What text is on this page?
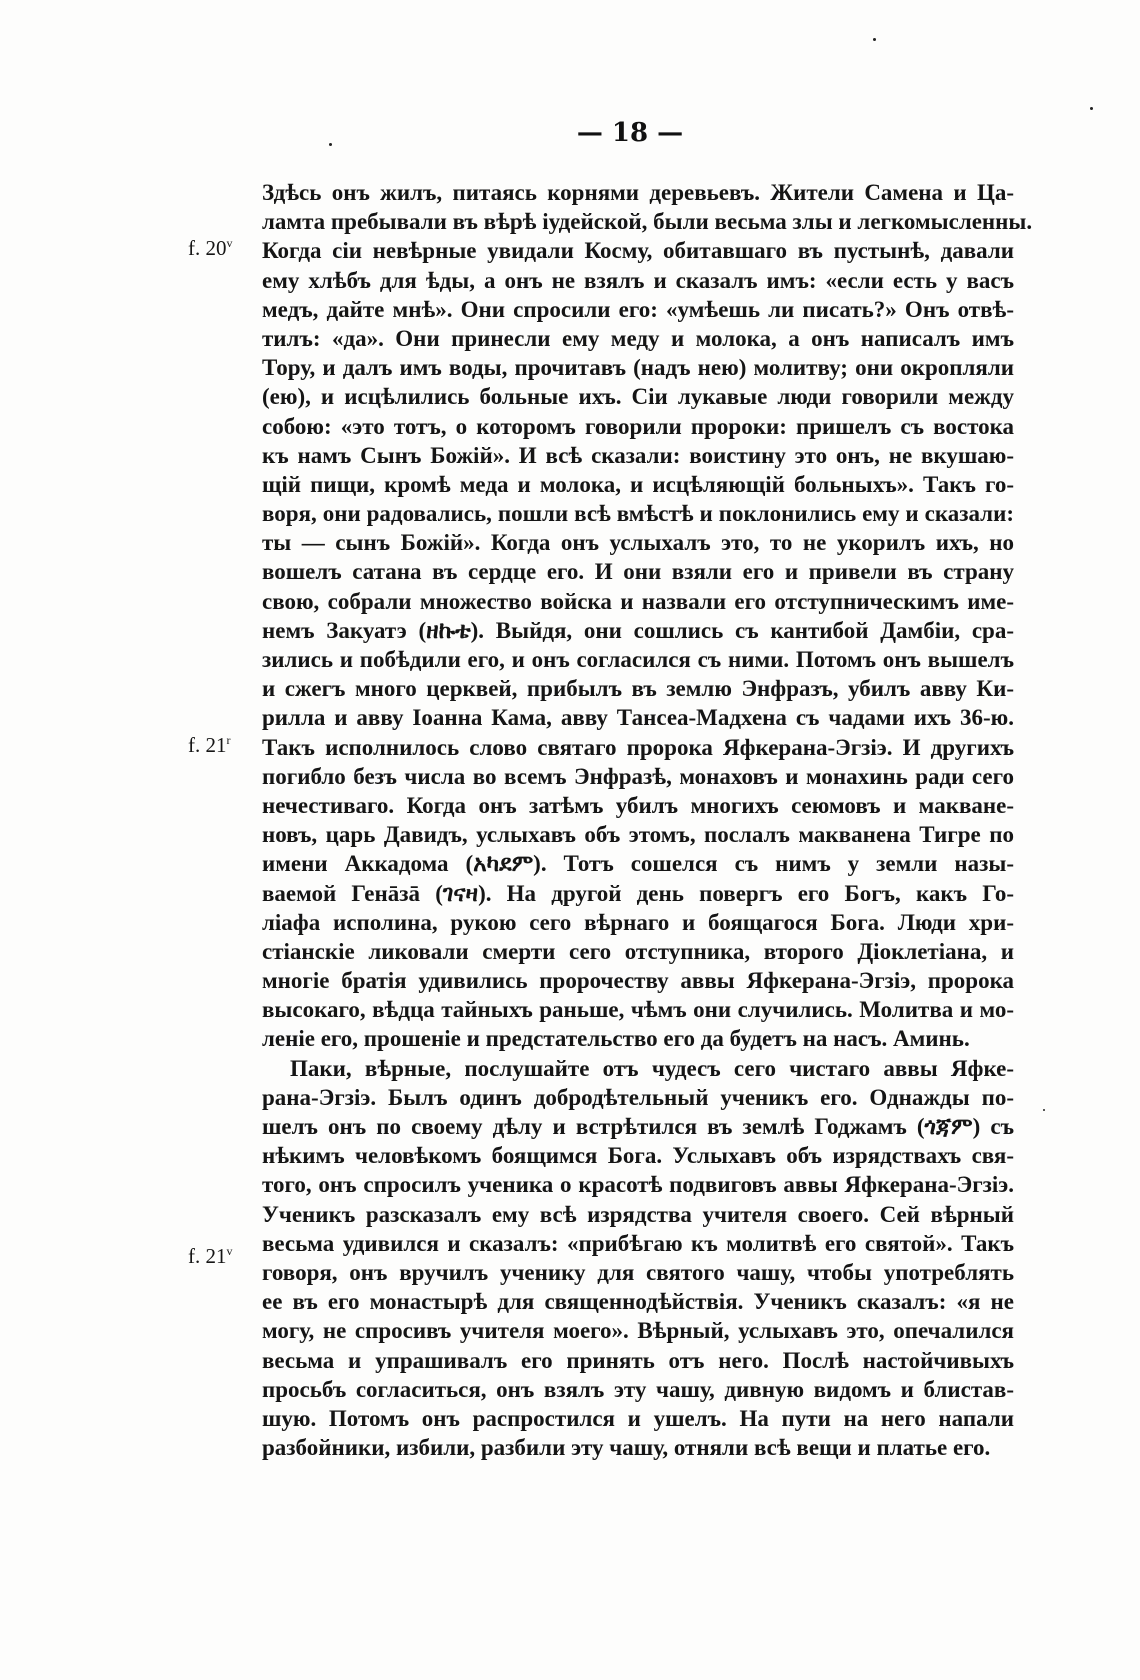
— 18 —
f. 20$^v$
f. 21$^r$
f. 21$^v$
Здѣсь онъ жилъ, питаясь корнями деревьевъ. Жители Самена и Ца-
ламта пребывали въ вѣрѣ іудейской, были весьма злы и легкомысленны.
Когда сіи невѣрные увидали Косму, обитавшаго въ пустынѣ, давали
ему хлѣбъ для ѣды, а онъ не взялъ и сказалъ имъ: «если есть у васъ
медъ, дайте мнѣ». Они спросили его: «умѣешь ли писать?» Онъ отвѣ-
тилъ: «да». Они принесли ему меду и молока, а онъ написалъ имъ
Тору, и далъ имъ воды, прочитавъ (надъ нею) молитву; они окропляли
(ею), и исцѣлились больные ихъ. Сіи лукавые люди говорили между
собою: «это тотъ, о которомъ говорили пророки: пришелъ съ востока
къ намъ Сынъ Божій». И всѣ сказали: воистину это онъ, не вкушаю-
щій пищи, кромѣ меда и молока, и исцѣляющій больныхъ». Такъ го-
воря, они радовались, пошли всѣ вмѣстѣ и поклонились ему и сказали:
ты — сынъ Божій». Когда онъ услыхалъ это, то не укорилъ ихъ, но
вошелъ сатана въ сердце его. И они взяли его и привели въ страну
свою, собрали множество войска и назвали его отступническимъ име-
немъ Закуатэ (ዘኩቴ). Выйдя, они сошлись съ кантибой Дамбіи, сра-
зились и побѣдили его, и онъ согласился съ ними. Потомъ онъ вышелъ
и сжегъ много церквей, прибылъ въ землю Энфразъ, убилъ авву Ки-
рилла и авву Іоанна Кама, авву Тансеа-Мадхена съ чадами ихъ 36-ю.
Такъ исполнилось слово святаго пророка Яфкерана-Эгзіэ. И другихъ
погибло безъ числа во всемъ Энфразѣ, монаховъ и монахинь ради сего
нечестиваго. Когда онъ затѣмъ убилъ многихъ сеюмовъ и макване-
новъ, царь Давидъ, услыхавъ объ этомъ, послалъ макванена Тигре по
имени Аккадома (አካደም). Тотъ сошелся съ нимъ у земли назы-
ваемой Генāзā (ገናዛ). На другой день повергъ его Богъ, какъ Го-
ліафа исполина, рукою сего вѣрнаго и боящагося Бога. Люди хри-
стіанскіе ликовали смерти сего отступника, второго Діоклетіана, и
многіе братія удивились пророчеству аввы Яфкерана-Эгзіэ, пророка
высокаго, вѣдца тайныхъ раньше, чѣмъ они случились. Молитва и мо-
леніе его, прошеніе и предстательство его да будетъ на насъ. Аминь.
Паки, вѣрные, послушайте отъ чудесъ сего чистаго аввы Яфке-
рана-Эгзіэ. Былъ одинъ добродѣтельный ученикъ его. Однажды по-
шелъ онъ по своему дѣлу и встрѣтился въ землѣ Годжамъ (ጎጃም) съ
нѣкимъ человѣкомъ боящимся Бога. Услыхавъ объ изрядствахъ свя-
того, онъ спросилъ ученика о красотѣ подвиговъ аввы Яфкерана-Эгзіэ.
Ученикъ разсказалъ ему всѣ изрядства учителя своего. Сей вѣрный
весьма удивился и сказалъ: «прибѣгаю къ молитвѣ его святой». Такъ
говоря, онъ вручилъ ученику для святого чашу, чтобы употреблять
ее въ его монастырѣ для священнодѣйствія. Ученикъ сказалъ: «я не
могу, не спросивъ учителя моего». Вѣрный, услыхавъ это, опечалился
весьма и упрашивалъ его принять отъ него. Послѣ настойчивыхъ
просьбъ согласиться, онъ взялъ эту чашу, дивную видомъ и блистав-
шую. Потомъ онъ распростился и ушелъ. На пути на него напали
разбойники, избили, разбили эту чашу, отняли всѣ вещи и платье его.
